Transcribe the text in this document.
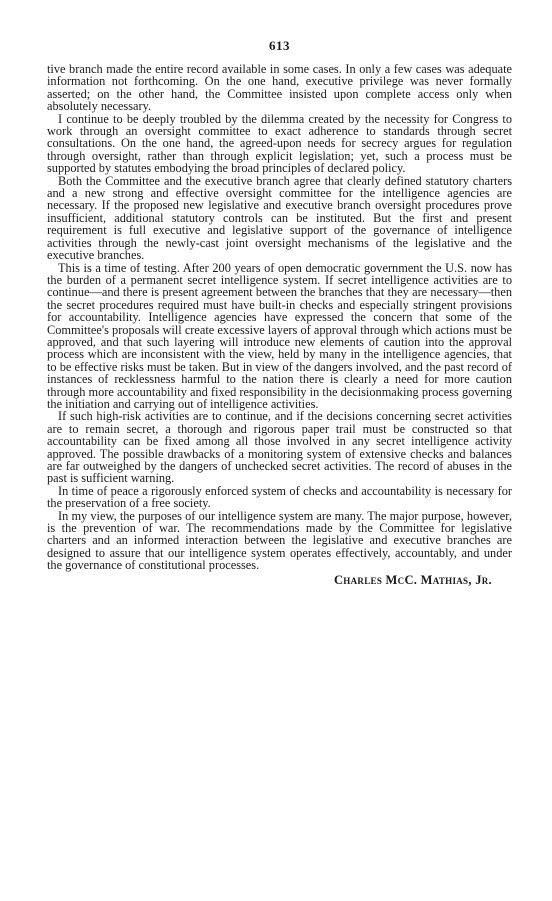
613

tive branch made the entire record available in some cases. In only a few cases was adequate information not forthcoming. On the one hand, executive privilege was never formally asserted; on the other hand, the Committee insisted upon complete access only when absolutely necessary.

I continue to be deeply troubled by the dilemma created by the necessity for Congress to work through an oversight committee to exact adherence to standards through secret consultations. On the one hand, the agreed-upon needs for secrecy argues for regulation through oversight, rather than through explicit legislation; yet, such a process must be supported by statutes embodying the broad principles of declared policy.

Both the Committee and the executive branch agree that clearly defined statutory charters and a new strong and effective oversight committee for the intelligence agencies are necessary. If the proposed new legislative and executive branch oversight procedures prove insufficient, additional statutory controls can be instituted. But the first and present requirement is full executive and legislative support of the governance of intelligence activities through the newly-cast joint oversight mechanisms of the legislative and the executive branches.

This is a time of testing. After 200 years of open democratic government the U.S. now has the burden of a permanent secret intelligence system. If secret intelligence activities are to continue—and there is present agreement between the branches that they are necessary—then the secret procedures required must have built-in checks and especially stringent provisions for accountability. Intelligence agencies have expressed the concern that some of the Committee's proposals will create excessive layers of approval through which actions must be approved, and that such layering will introduce new elements of caution into the approval process which are inconsistent with the view, held by many in the intelligence agencies, that to be effective risks must be taken. But in view of the dangers involved, and the past record of instances of recklessness harmful to the nation there is clearly a need for more caution through more accountability and fixed responsibility in the decisionmaking process governing the initiation and carrying out of intelligence activities.

If such high-risk activities are to continue, and if the decisions concerning secret activities are to remain secret, a thorough and rigorous paper trail must be constructed so that accountability can be fixed among all those involved in any secret intelligence activity approved. The possible drawbacks of a monitoring system of extensive checks and balances are far outweighed by the dangers of unchecked secret activities. The record of abuses in the past is sufficient warning.

In time of peace a rigorously enforced system of checks and accountability is necessary for the preservation of a free society.

In my view, the purposes of our intelligence system are many. The major purpose, however, is the prevention of war. The recommendations made by the Committee for legislative charters and an informed interaction between the legislative and executive branches are designed to assure that our intelligence system operates effectively, accountably, and under the governance of constitutional processes.

Charles McC. Mathias, Jr.
